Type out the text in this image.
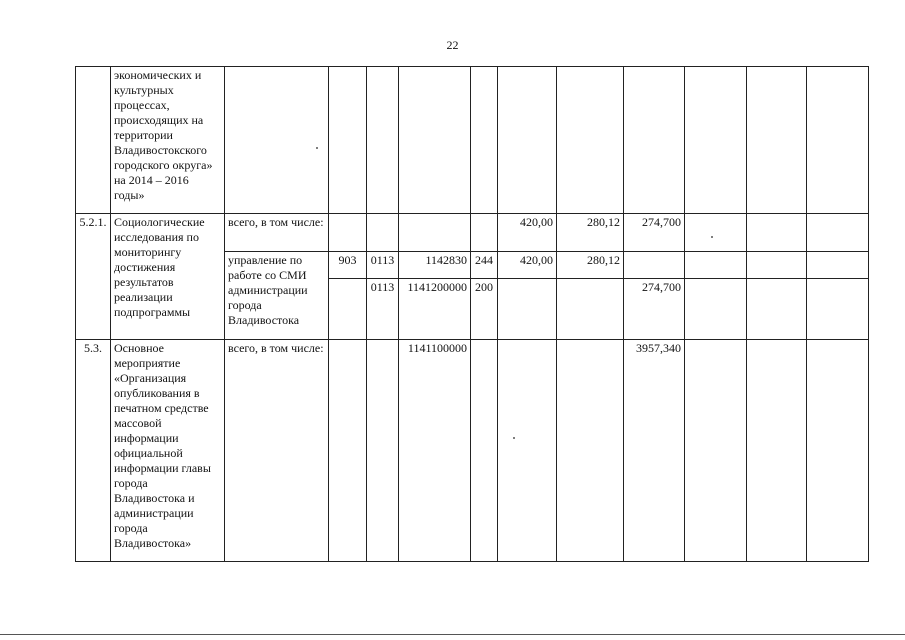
22
	экономических и культурных процессах, происходящих на территории Владивостокского городского округа» на 2014 – 2016 годы»											
5.2.1.	Социологические исследования по мониторингу достижения результатов реализации подпрограммы	всего, в том числе:					420,00	280,12	274,700			
		управление по работе со СМИ администрации города Владивостока	903	0113	1142830	244	420,00	280,12				
				0113	1141200000	200			274,700			
5.3.	Основное мероприятие «Организация опубликования в печатном средстве массовой информации официальной информации главы города Владивостока и администрации города Владивостока»	всего, в том числе:			1141100000				3957,340			
